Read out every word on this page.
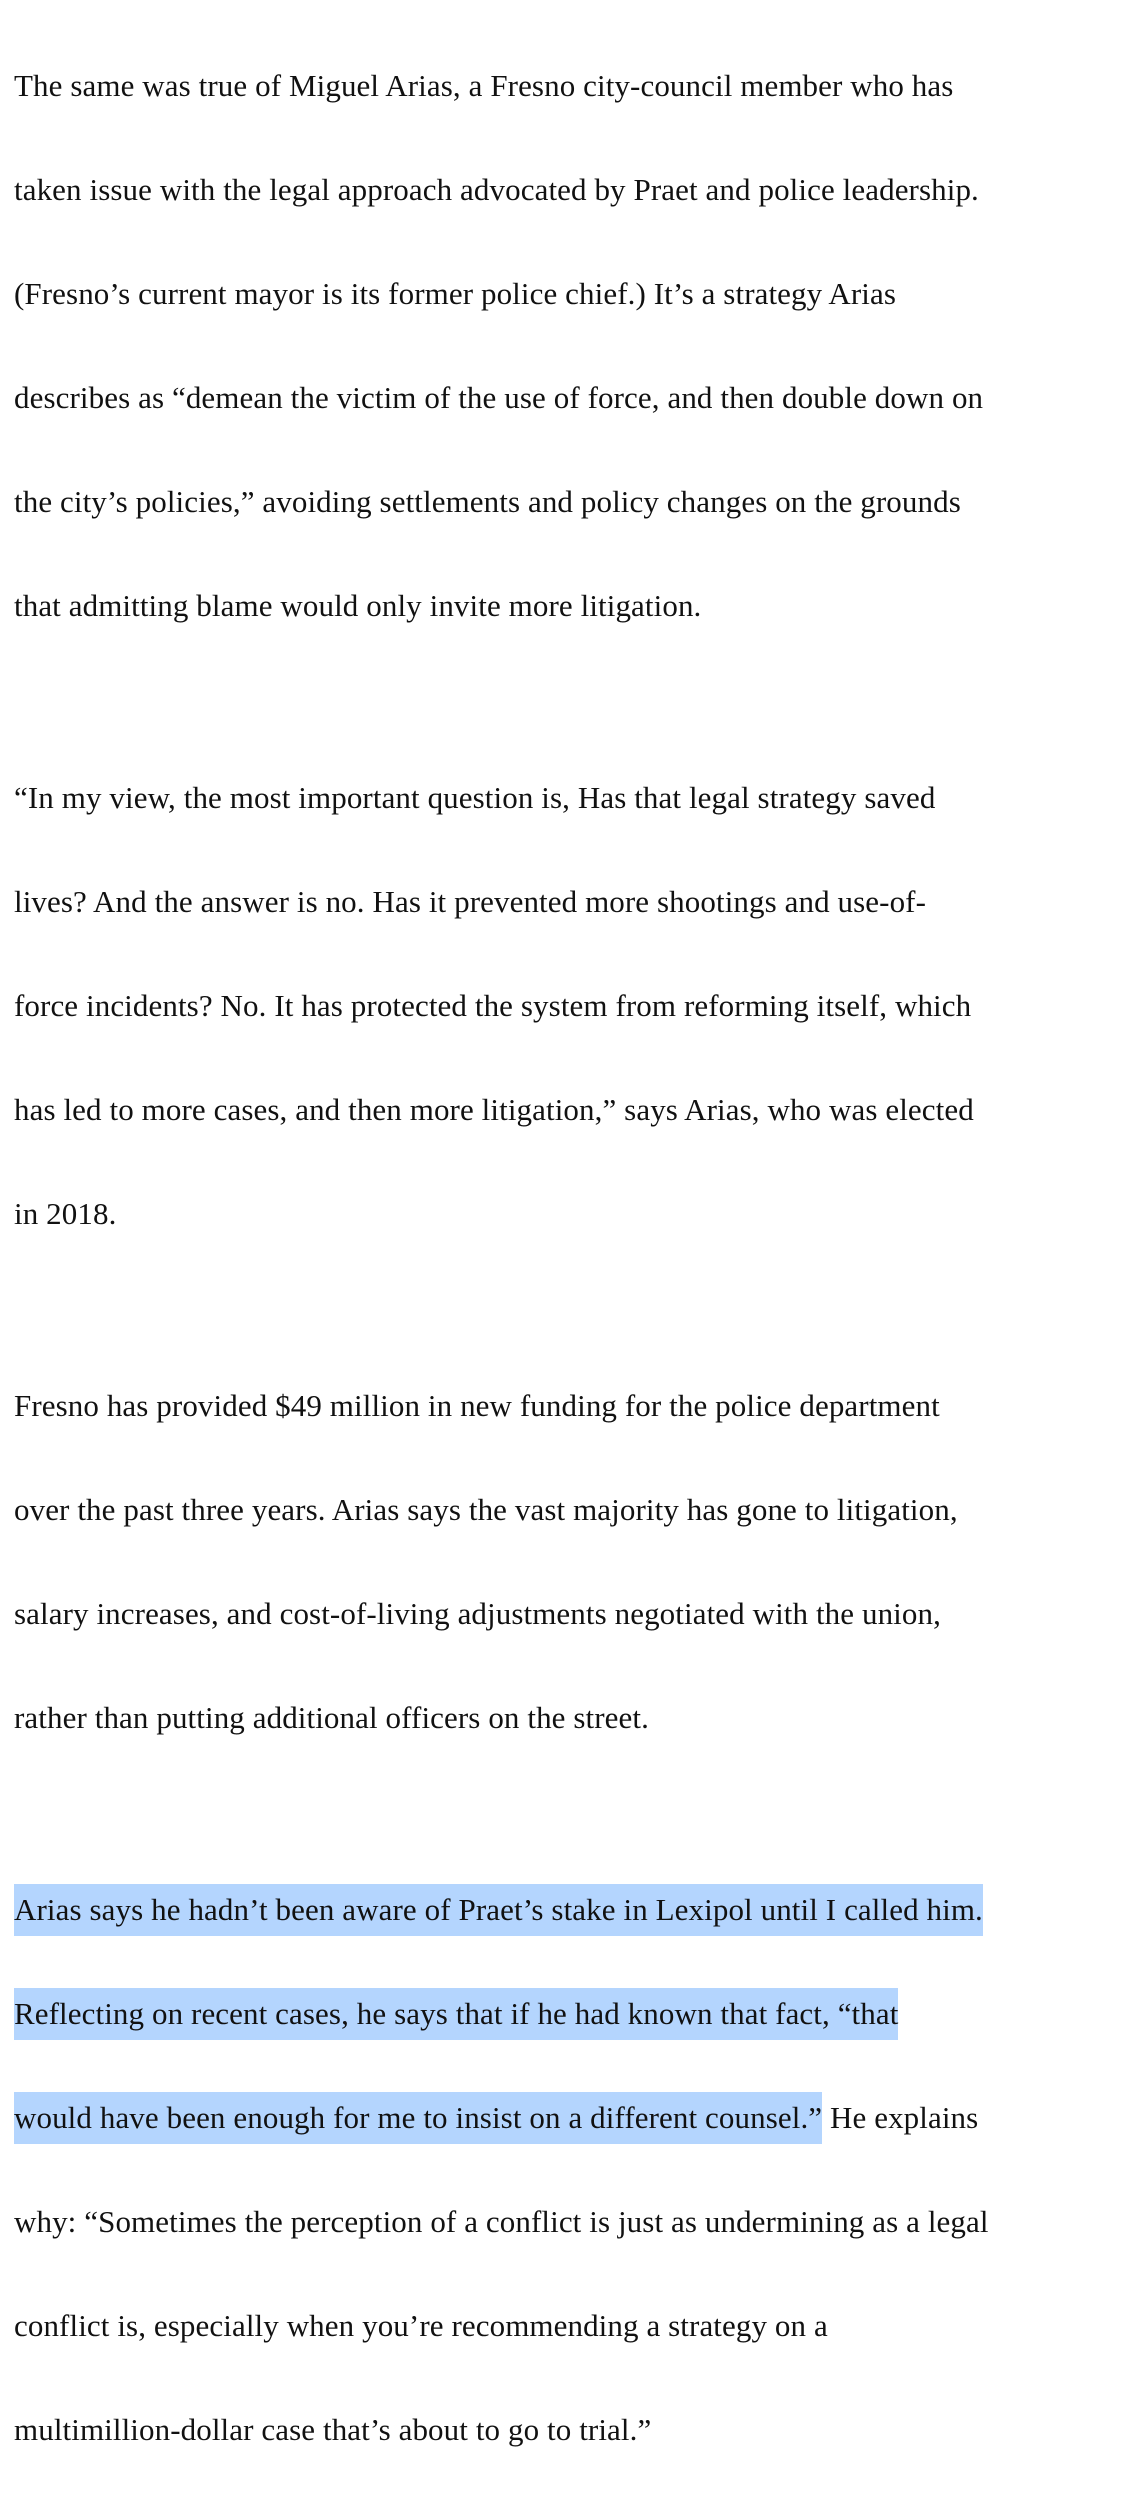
The same was true of Miguel Arias, a Fresno city-council member who has

taken issue with the legal approach advocated by Praet and police leadership.

(Fresno’s current mayor is its former police chief.) It’s a strategy Arias

describes as “demean the victim of the use of force, and then double down on

the city’s policies,” avoiding settlements and policy changes on the grounds

that admitting blame would only invite more litigation.

“In my view, the most important question is, Has that legal strategy saved

lives? And the answer is no. Has it prevented more shootings and use-of-

force incidents? No. It has protected the system from reforming itself, which

has led to more cases, and then more litigation,” says Arias, who was elected

in 2018.

Fresno has provided $49 million in new funding for the police department

over the past three years. Arias says the vast majority has gone to litigation,

salary increases, and cost-of-living adjustments negotiated with the union,

rather than putting additional officers on the street.

Arias says he hadn’t been aware of Praet’s stake in Lexipol until I called him.

Reflecting on recent cases, he says that if he had known that fact, “that

would have been enough for me to insist on a different counsel.” He explains

why: “Sometimes the perception of a conflict is just as undermining as a legal

conflict is, especially when you’re recommending a strategy on a

multimillion-dollar case that’s about to go to trial.”
